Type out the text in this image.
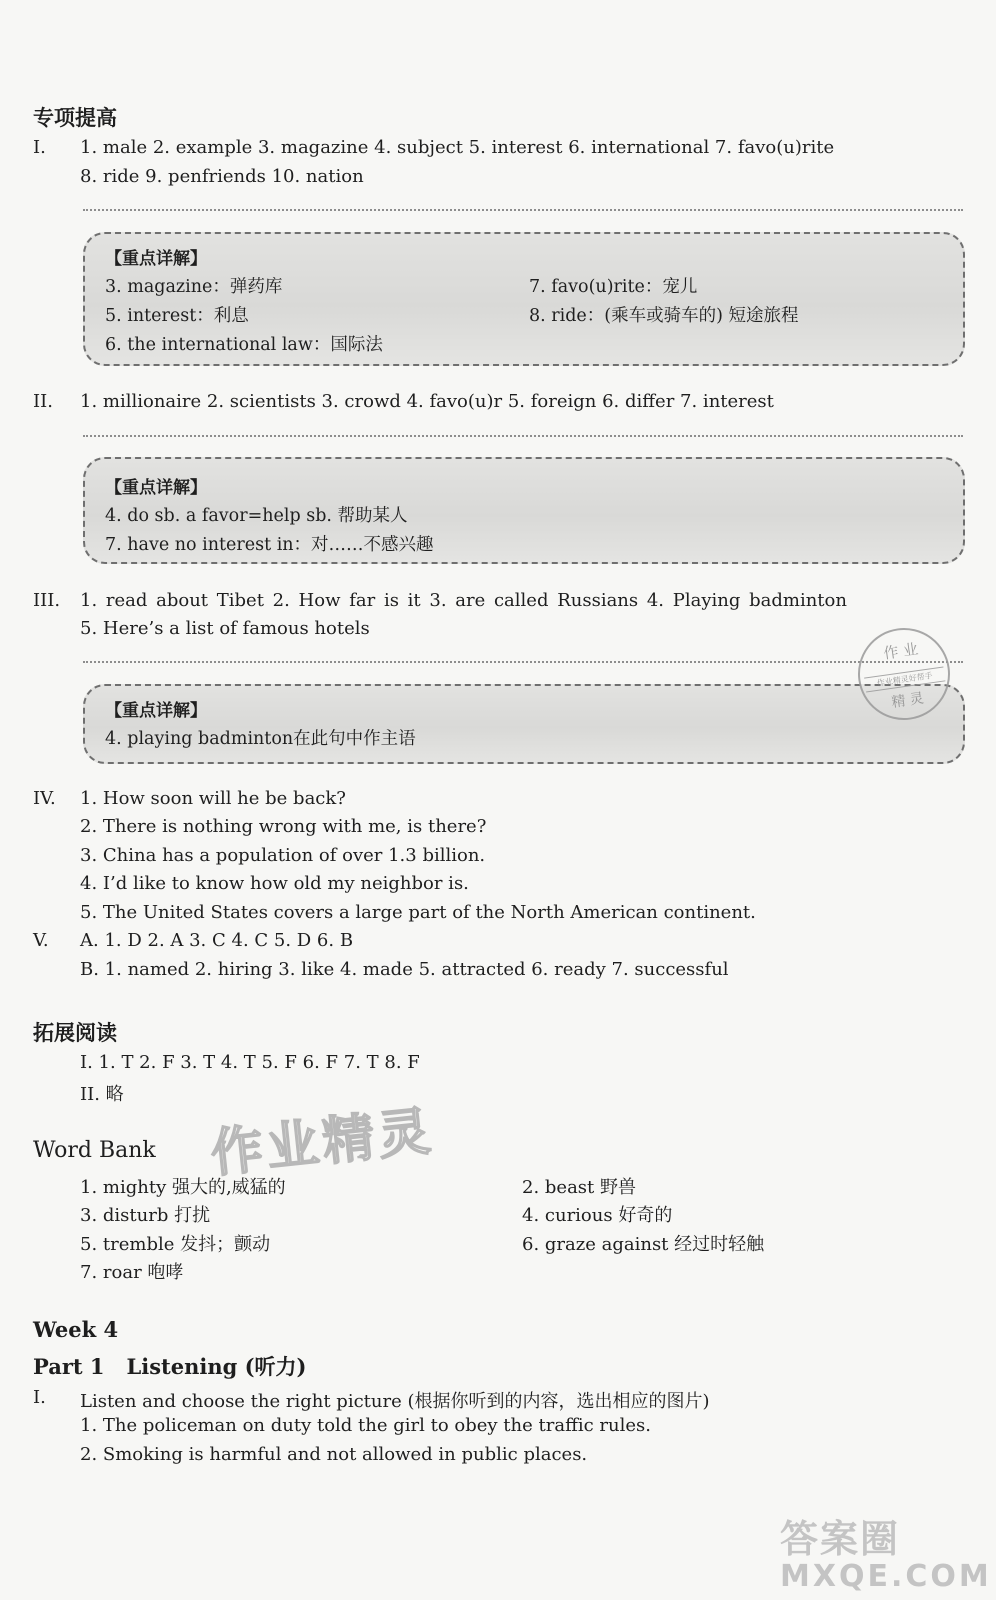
专项提高
I. 1. male 2. example 3. magazine 4. subject 5. interest 6. international 7. favo(u)rite
8. ride 9. penfriends 10. nation
【重点详解】
3. magazine：弹药库
5. interest：利息
6. the international law：国际法
7. favo(u)rite：宠儿
8. ride：(乘车或骑车的) 短途旅程
II. 1. millionaire 2. scientists 3. crowd 4. favo(u)r 5. foreign 6. differ 7. interest
【重点详解】
4. do sb. a favor=help sb. 帮助某人
7. have no interest in：对……不感兴趣
III. 1. read about Tibet 2. How far is it 3. are called Russians 4. Playing badminton
5. Here’s a list of famous hotels
【重点详解】
4. playing badminton在此句中作主语
作 业
作业精灵好帮手
精 灵
IV. 1. How soon will he be back?
2. There is nothing wrong with me, is there?
3. China has a population of over 1.3 billion.
4. I’d like to know how old my neighbor is.
5. The United States covers a large part of the North American continent.
V. A. 1. D 2. A 3. C 4. C 5. D 6. B
B. 1. named 2. hiring 3. like 4. made 5. attracted 6. ready 7. successful
拓展阅读
I. 1. T 2. F 3. T 4. T 5. F 6. F 7. T 8. F
II. 略
作业精灵
Word Bank
1. mighty 强大的,威猛的	2. beast 野兽
3. disturb 打扰	4. curious 好奇的
5. tremble 发抖；颤动	6. graze against 经过时轻触
7. roar 咆哮
Week 4
Part 1   Listening (听力)
I. Listen and choose the right picture (根据你听到的内容，选出相应的图片)
1. The policeman on duty told the girl to obey the traffic rules.
2. Smoking is harmful and not allowed in public places.
答案圈
MXQE.COM
